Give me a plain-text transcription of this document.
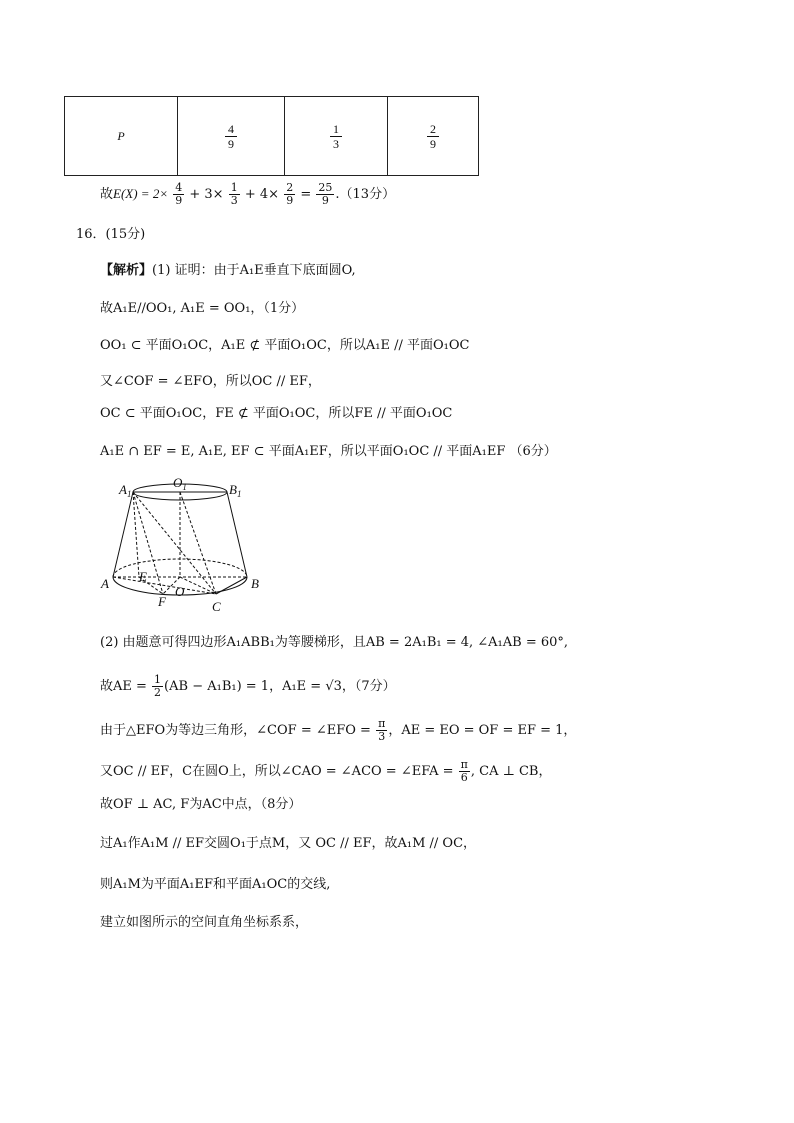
P	$\frac{4}{9}$	$\frac{1}{3}$	$\frac{2}{9}$
故$E(X) = 2\times \frac{4}{9} + 3\times \frac{1}{3} + 4\times \frac{2}{9} = \frac{25}{9} .(13$分）
16．(15分)
【解析】(1) 证明：由于A₁E垂直下底面圆O,
故A₁E//OO₁, A₁E = OO₁，（1分）
OO₁ ⊂ 平面O₁OC，A₁E ⊄ 平面O₁OC，所以A₁E // 平面O₁OC
又∠COF = ∠EFO，所以OC // EF，
OC ⊂ 平面O₁OC，FE ⊄ 平面O₁OC，所以FE // 平面O₁OC
A₁E ∩ EF = E, A₁E, EF ⊂ 平面A₁EF，所以平面O₁OC // 平面A₁EF （6分）
$A_1$
$O_1$	$B_1$
A	B
E
O
F	C
(2) 由题意可得四边形A₁ABB₁为等腰梯形，且AB = 2A₁B₁ = 4, ∠A₁AB = 60°,
故AE = $\frac{1}{2} (AB - A_1B_1) = 1$，A₁E = √3，（7分）
由于△EFO为等边三角形，∠COF = ∠EFO = $\frac{\pi}{3}$ ，AE = EO = OF = EF = 1，
又OC // EF，C在圆O上，所以∠CAO = ∠ACO = ∠EFA = $\frac{\pi}{6}$ , CA ⊥ CB，
故OF ⊥ AC, F为AC中点，（8分）
过A₁作A₁M // EF交圆O₁于点M，又 OC // EF，故A₁M // OC，
则A₁M为平面A₁EF和平面A₁OC的交线,
建立如图所示的空间直角坐标系系，
